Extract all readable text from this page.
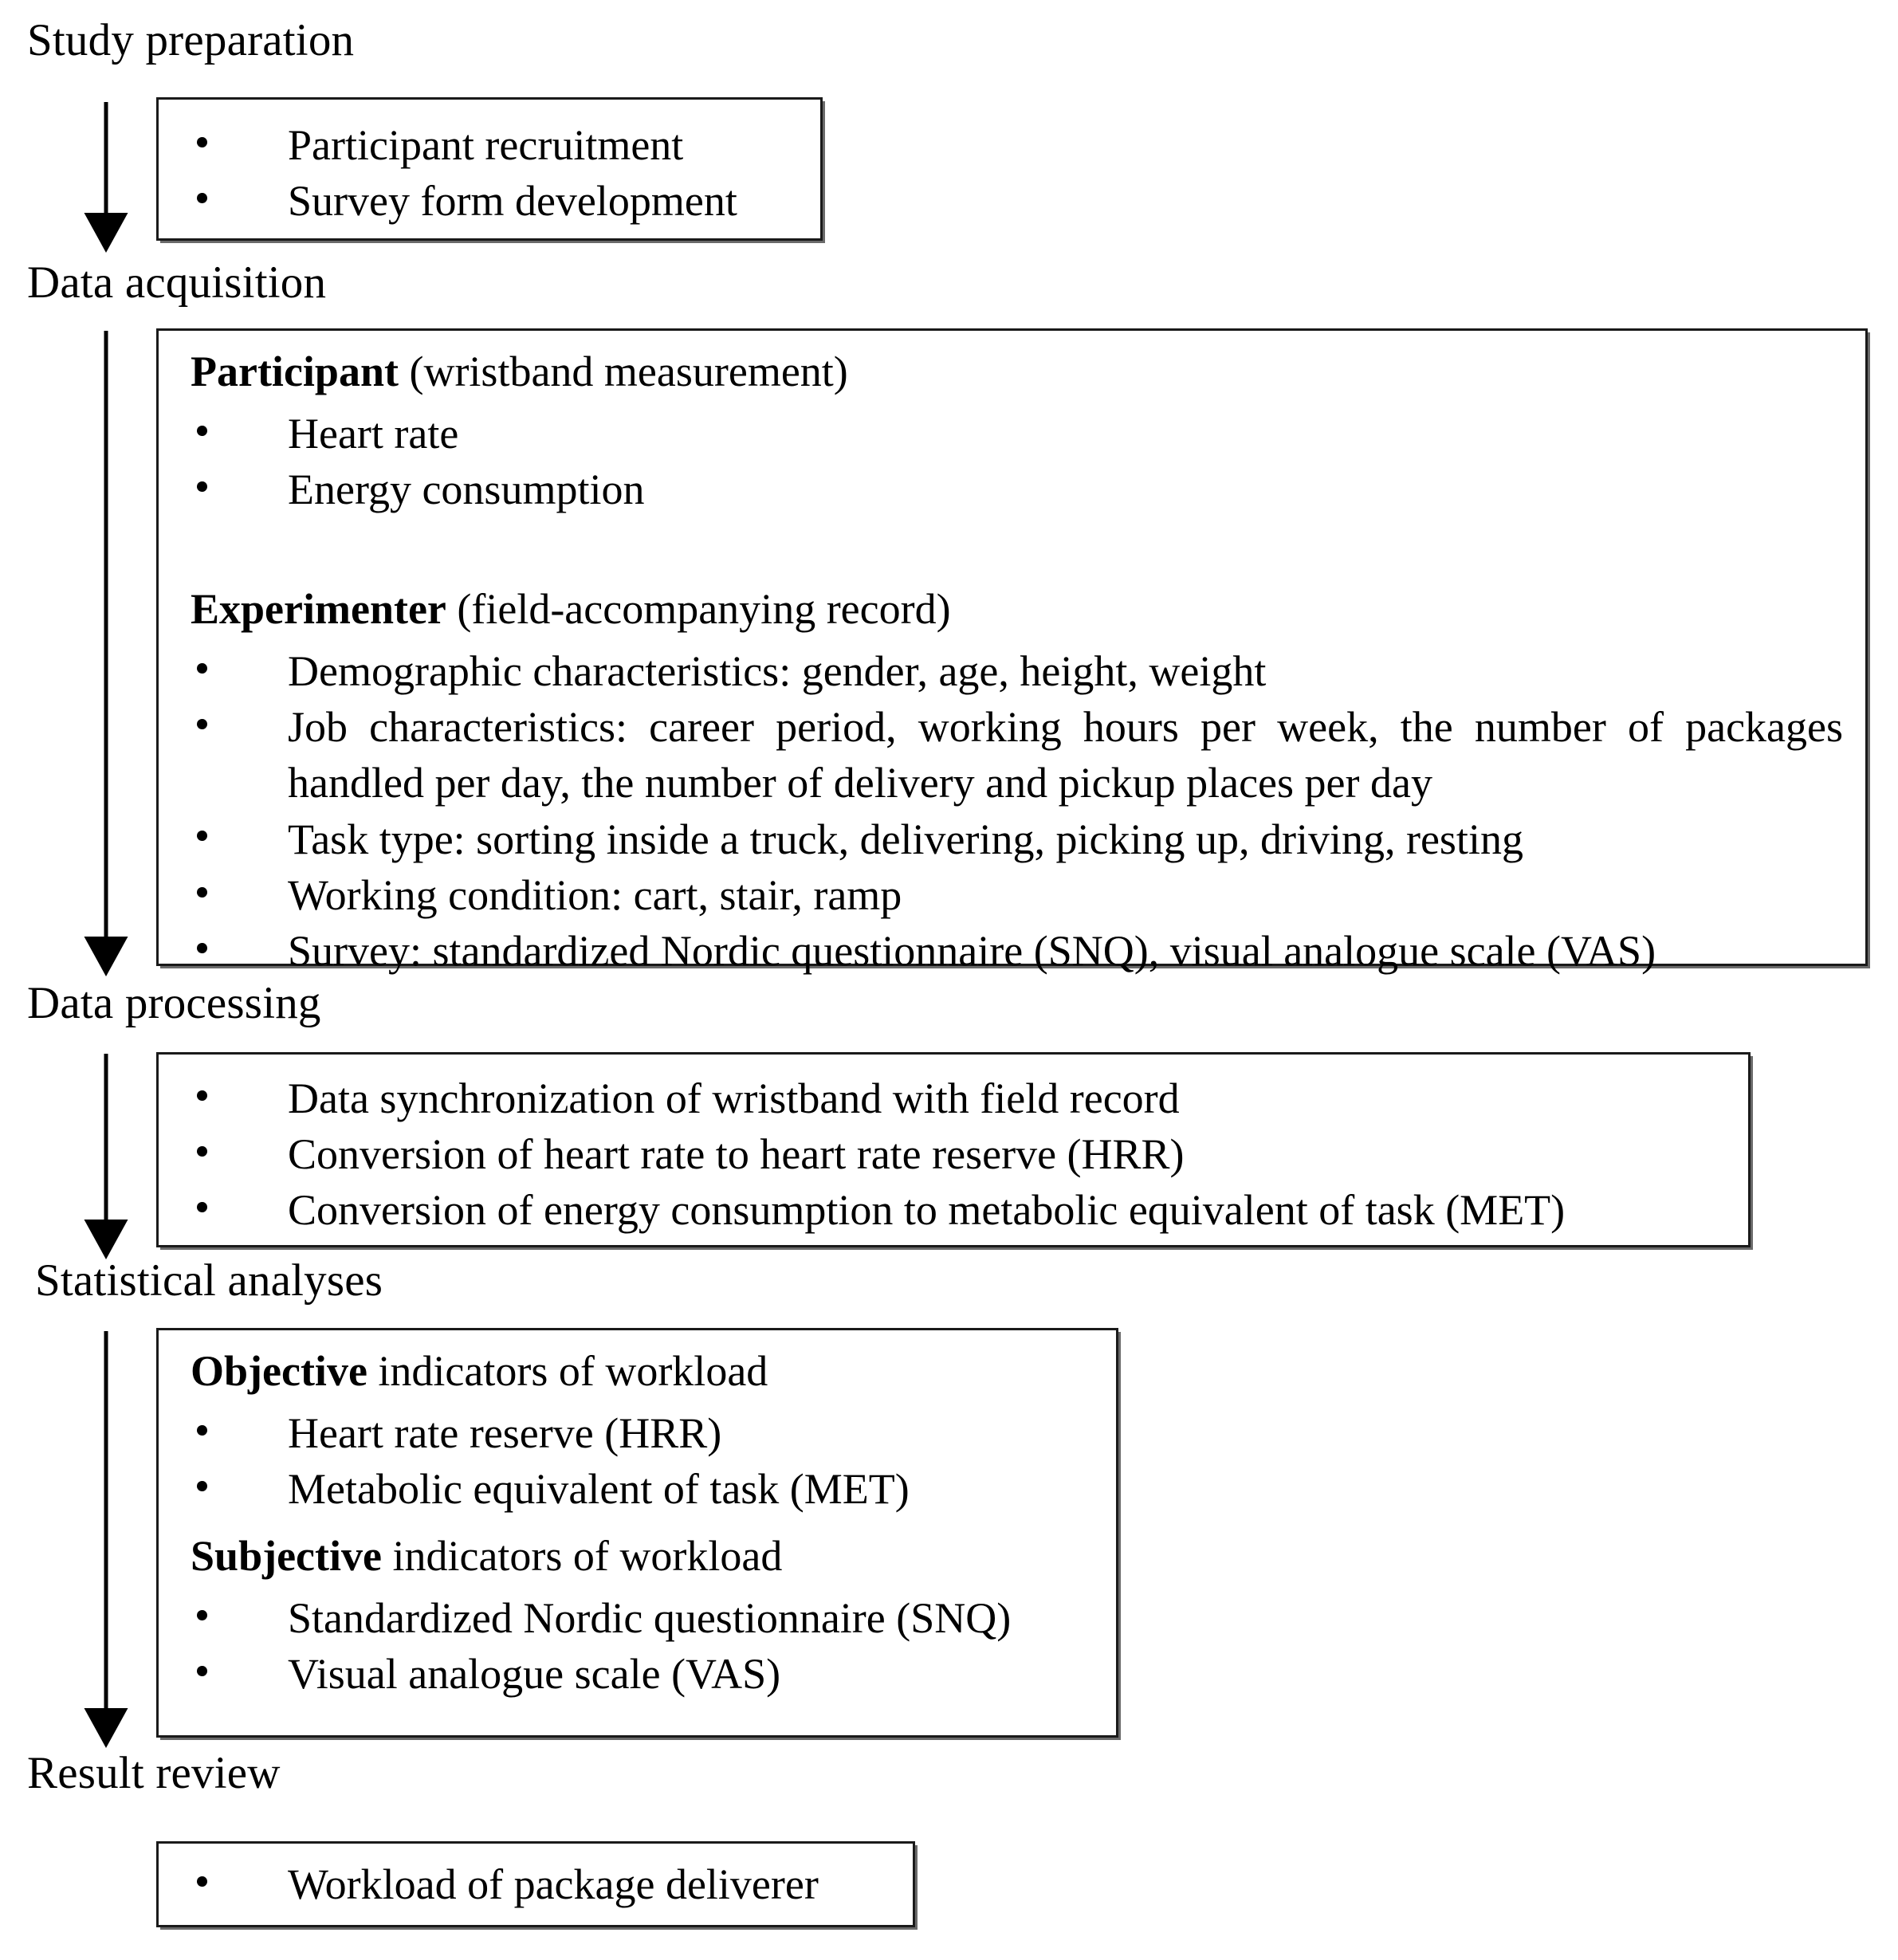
Study preparation
Participant recruitment
Survey form development
Data acquisition
Participant (wristband measurement)
Heart rate
Energy consumption
Experimenter (field-accompanying record)
Demographic characteristics: gender, age, height, weight
Job characteristics: career period, working hours per week, the number of packages handled per day, the number of delivery and pickup places per day
Task type: sorting inside a truck, delivering, picking up, driving, resting
Working condition: cart, stair, ramp
Survey: standardized Nordic questionnaire (SNQ), visual analogue scale (VAS)
Data processing
Data synchronization of wristband with field record
Conversion of heart rate to heart rate reserve (HRR)
Conversion of energy consumption to metabolic equivalent of task (MET)
Statistical analyses
Objective indicators of workload
Heart rate reserve (HRR)
Metabolic equivalent of task (MET)
Subjective indicators of workload
Standardized Nordic questionnaire (SNQ)
Visual analogue scale (VAS)
Result review
Workload of package deliverer
